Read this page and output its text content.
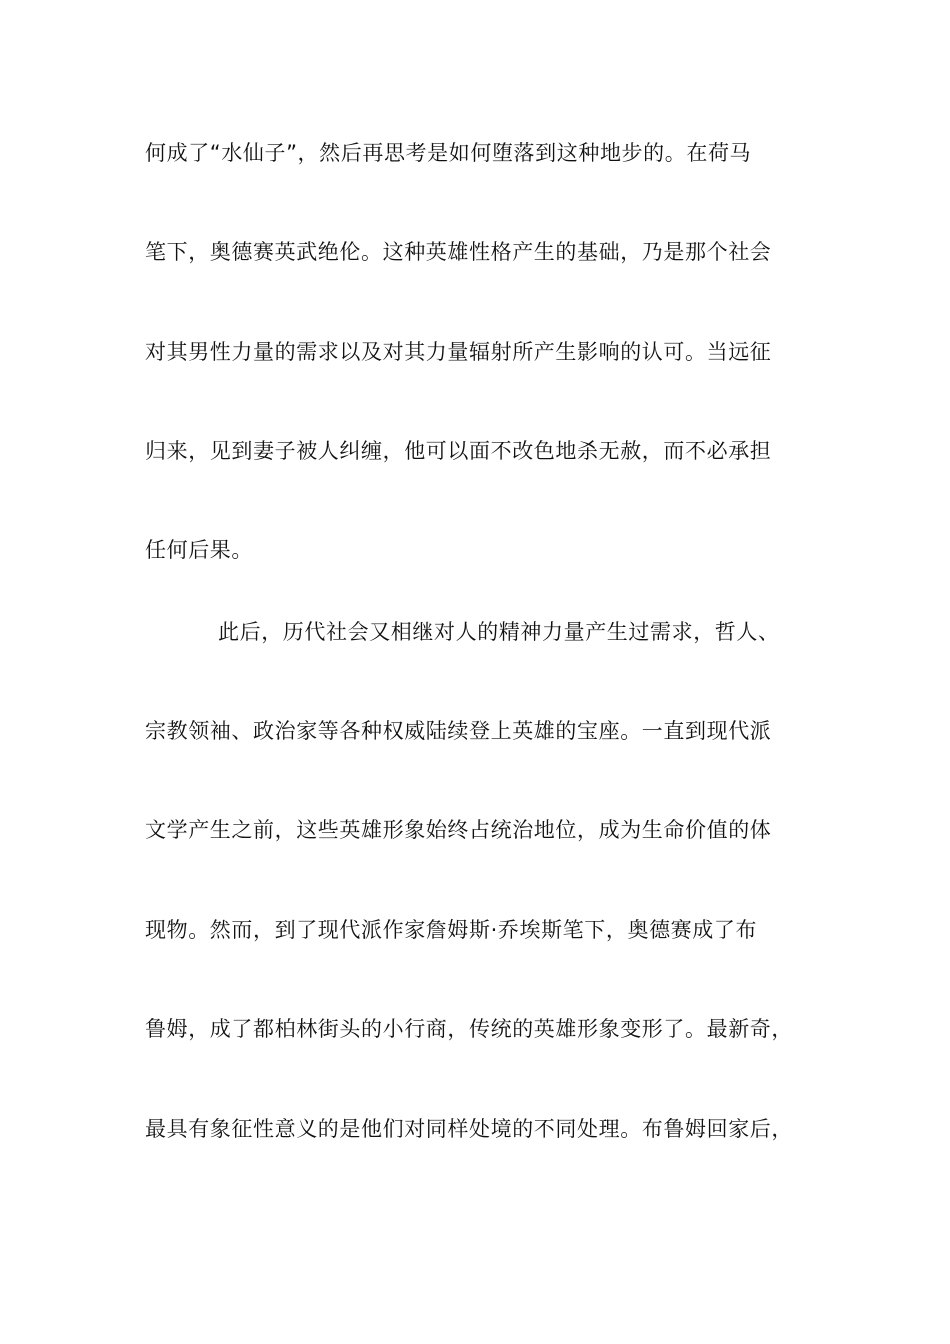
何成了“水仙子”，然后再思考是如何堕落到这种地步的。在荷马
笔下，奥德赛英武绝伦。这种英雄性格产生的基础，乃是那个社会
对其男性力量的需求以及对其力量辐射所产生影响的认可。当远征
归来，见到妻子被人纠缠，他可以面不改色地杀无赦，而不必承担
任何后果。
此后，历代社会又相继对人的精神力量产生过需求，哲人、
宗教领袖、政治家等各种权威陆续登上英雄的宝座。一直到现代派
文学产生之前，这些英雄形象始终占统治地位，成为生命价值的体
现物。然而，到了现代派作家詹姆斯·乔埃斯笔下，奥德赛成了布
鲁姆，成了都柏林街头的小行商，传统的英雄形象变形了。最新奇，
最具有象征性意义的是他们对同样处境的不同处理。布鲁姆回家后，
